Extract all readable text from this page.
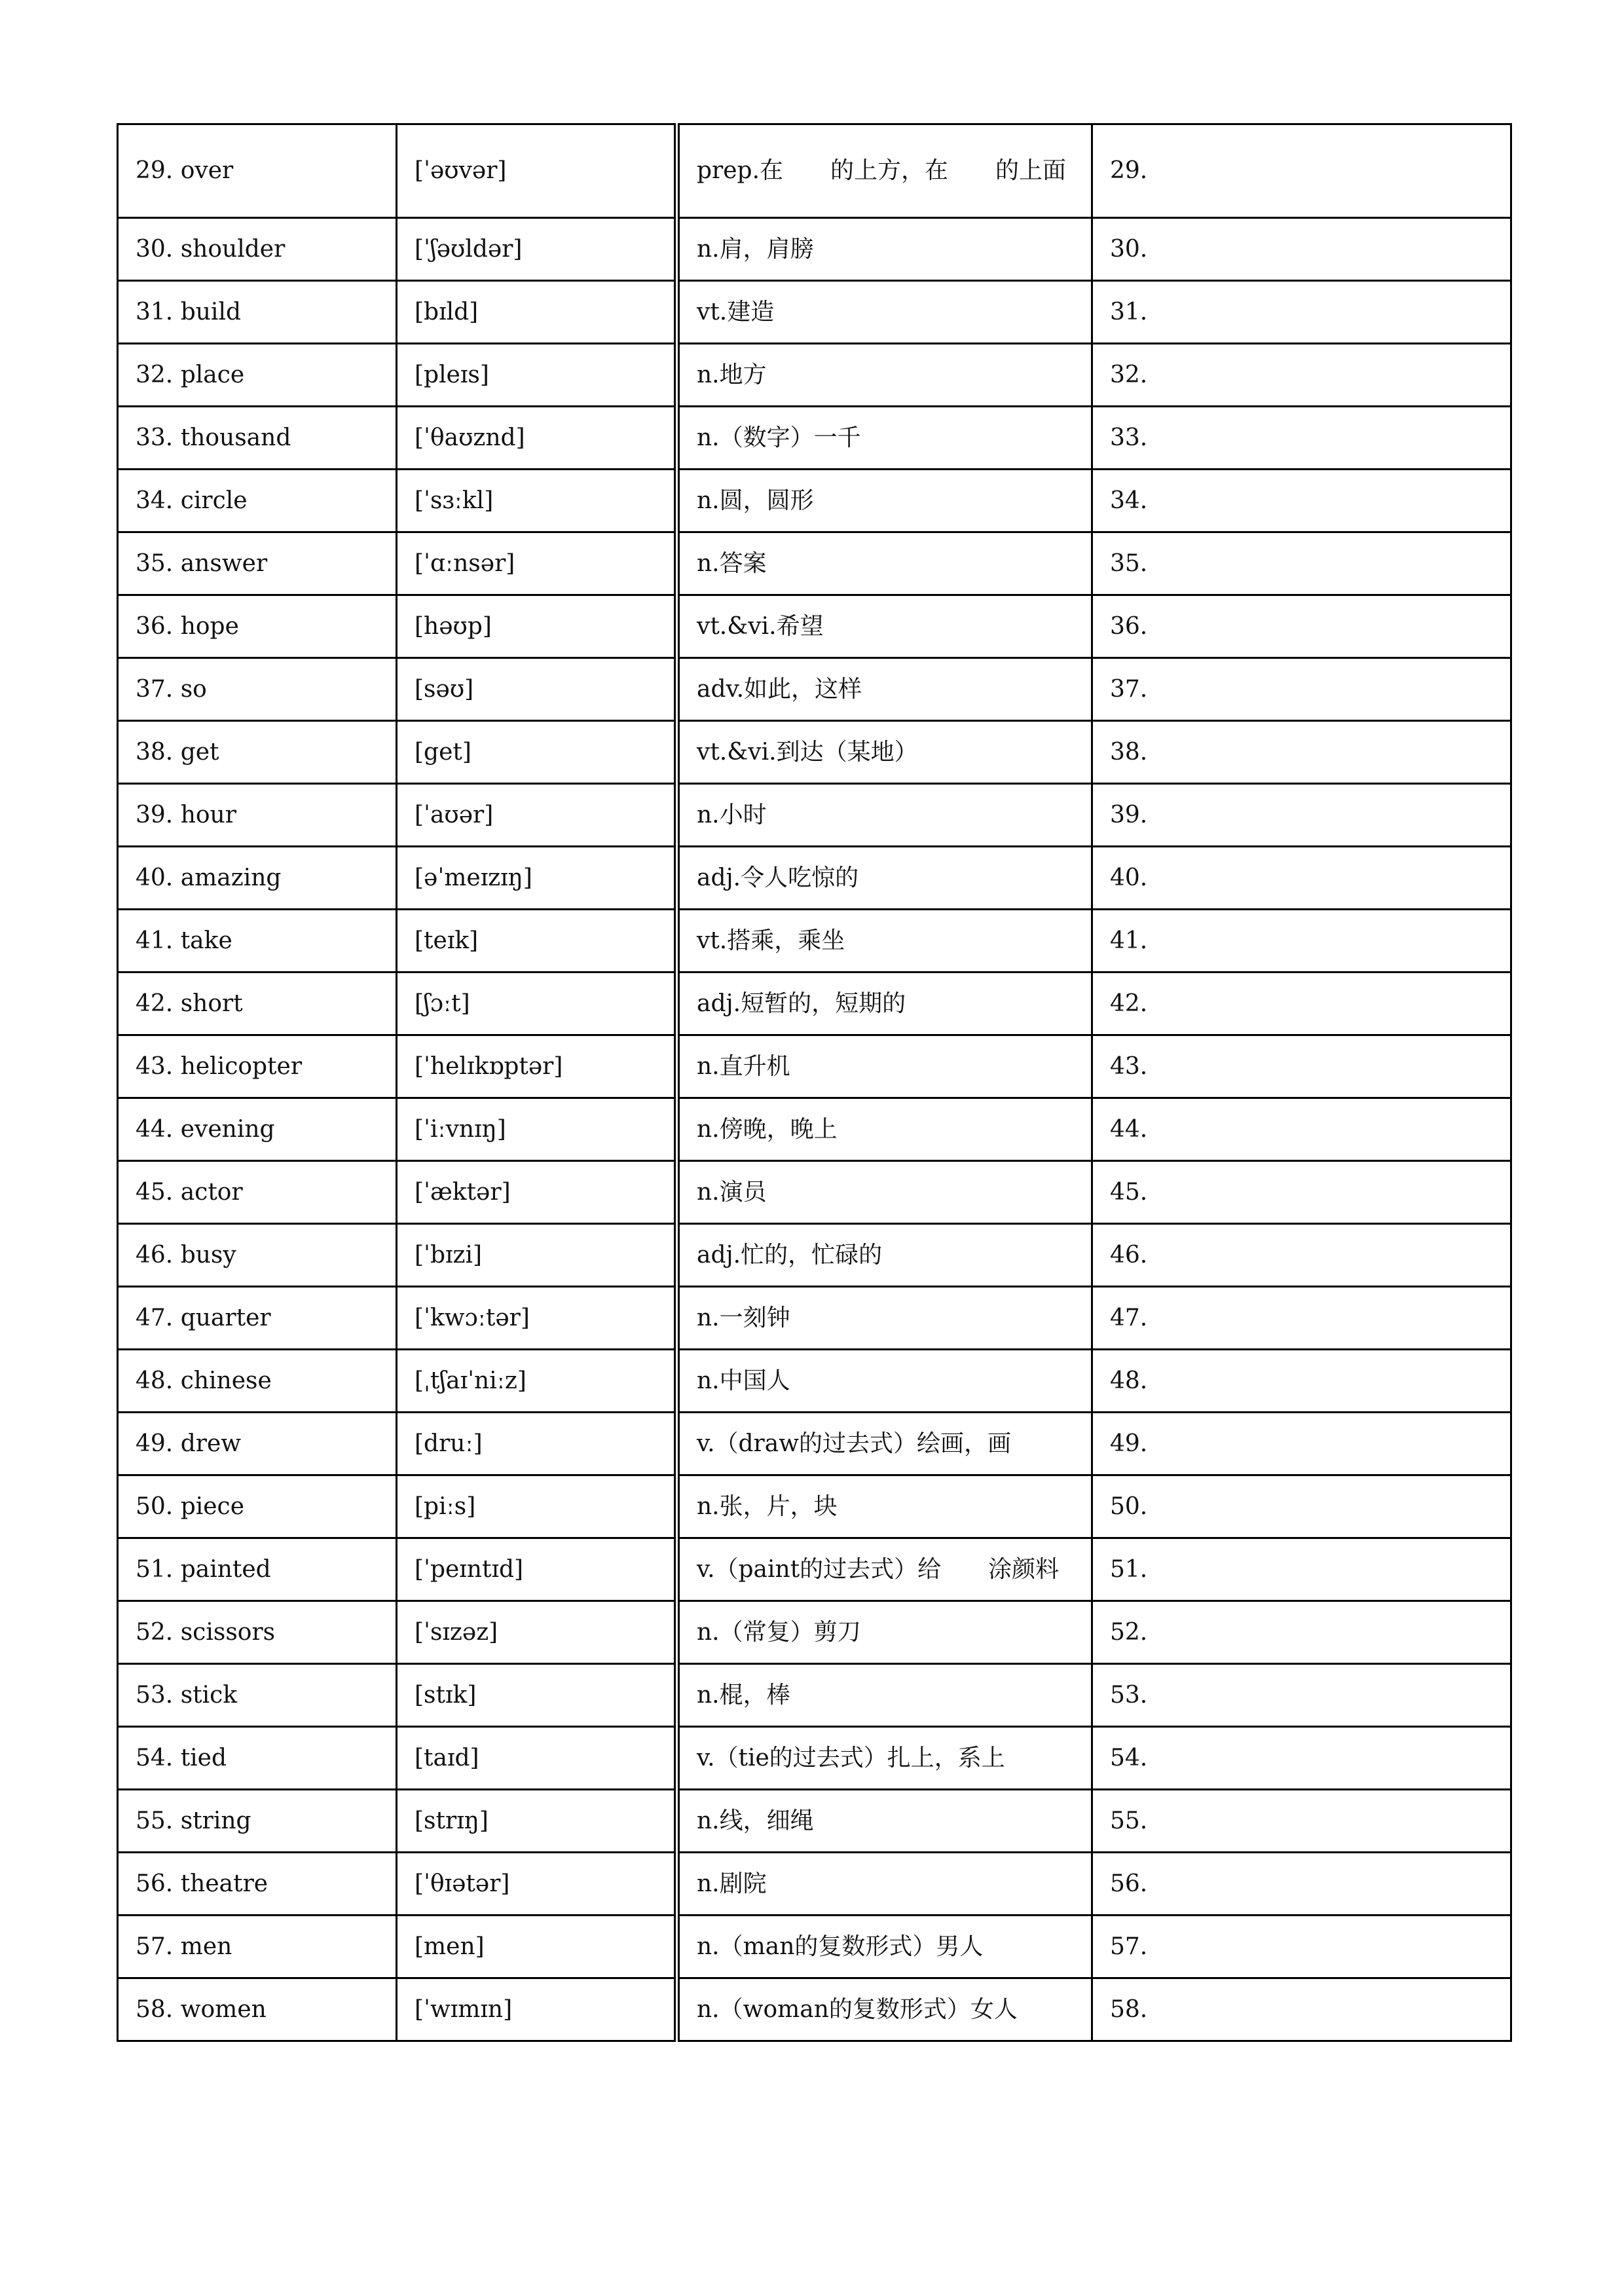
29. over	[ˈəʊvər]	prep.在　　的上方，在　　的上面	29.
30. shoulder	[ˈʃəʊldər]	n.肩，肩膀	30.
31. build	[bɪld]	vt.建造	31.
32. place	[pleɪs]	n.地方	32.
33. thousand	[ˈθaʊznd]	n.（数字）一千	33.
34. circle	[ˈsɜːkl]	n.圆，圆形	34.
35. answer	[ˈɑːnsər]	n.答案	35.
36. hope	[həʊp]	vt.&vi.希望	36.
37. so	[səʊ]	adv.如此，这样	37.
38. get	[get]	vt.&vi.到达（某地）	38.
39. hour	[ˈaʊər]	n.小时	39.
40. amazing	[əˈmeɪzɪŋ]	adj.令人吃惊的	40.
41. take	[teɪk]	vt.搭乘，乘坐	41.
42. short	[ʃɔːt]	adj.短暂的，短期的	42.
43. helicopter	[ˈhelɪkɒptər]	n.直升机	43.
44. evening	[ˈiːvnɪŋ]	n.傍晚，晚上	44.
45. actor	[ˈæktər]	n.演员	45.
46. busy	[ˈbɪzi]	adj.忙的，忙碌的	46.
47. quarter	[ˈkwɔːtər]	n.一刻钟	47.
48. chinese	[ˌtʃaɪˈniːz]	n.中国人	48.
49. drew	[druː]	v.（draw的过去式）绘画，画	49.
50. piece	[piːs]	n.张，片，块	50.
51. painted	[ˈpeɪntɪd]	v.（paint的过去式）给　　涂颜料	51.
52. scissors	[ˈsɪzəz]	n.（常复）剪刀	52.
53. stick	[stɪk]	n.棍，棒	53.
54. tied	[taɪd]	v.（tie的过去式）扎上，系上	54.
55. string	[strɪŋ]	n.线，细绳	55.
56. theatre	[ˈθɪətər]	n.剧院	56.
57. men	[men]	n.（man的复数形式）男人	57.
58. women	[ˈwɪmɪn]	n.（woman的复数形式）女人	58.
